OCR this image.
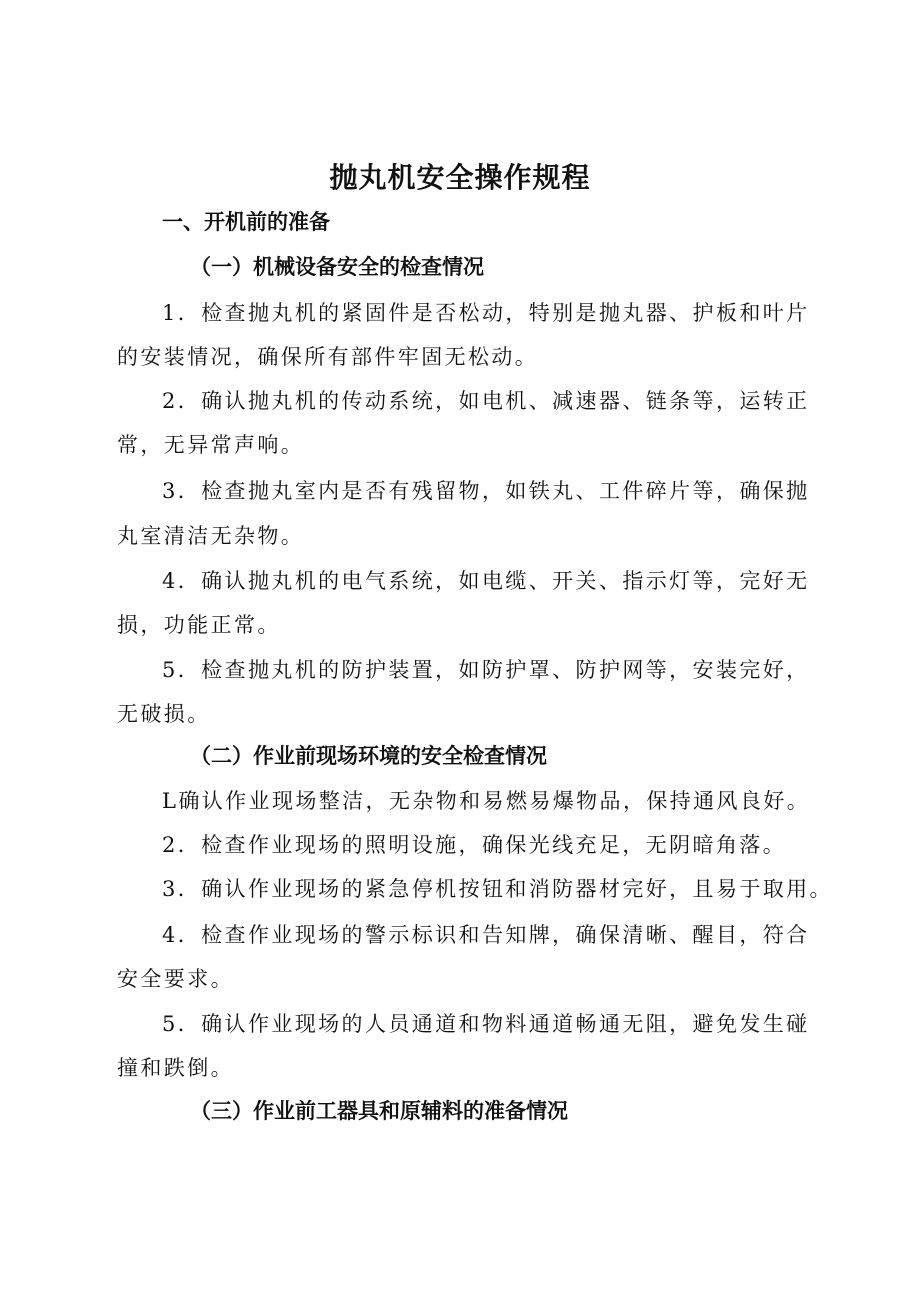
抛丸机安全操作规程

一、开机前的准备

（一）机械设备安全的检查情况

1．检查抛丸机的紧固件是否松动，特别是抛丸器、护板和叶片

的安装情况，确保所有部件牢固无松动。

2．确认抛丸机的传动系统，如电机、减速器、链条等，运转正

常，无异常声响。

3．检查抛丸室内是否有残留物，如铁丸、工件碎片等，确保抛

丸室清洁无杂物。

4．确认抛丸机的电气系统，如电缆、开关、指示灯等，完好无

损，功能正常。

5．检查抛丸机的防护装置，如防护罩、防护网等，安装完好，

无破损。

（二）作业前现场环境的安全检查情况

L确认作业现场整洁，无杂物和易燃易爆物品，保持通风良好。

2．检查作业现场的照明设施，确保光线充足，无阴暗角落。

3．确认作业现场的紧急停机按钮和消防器材完好，且易于取用。

4．检查作业现场的警示标识和告知牌，确保清晰、醒目，符合

安全要求。

5．确认作业现场的人员通道和物料通道畅通无阻，避免发生碰

撞和跌倒。

（三）作业前工器具和原辅料的准备情况
